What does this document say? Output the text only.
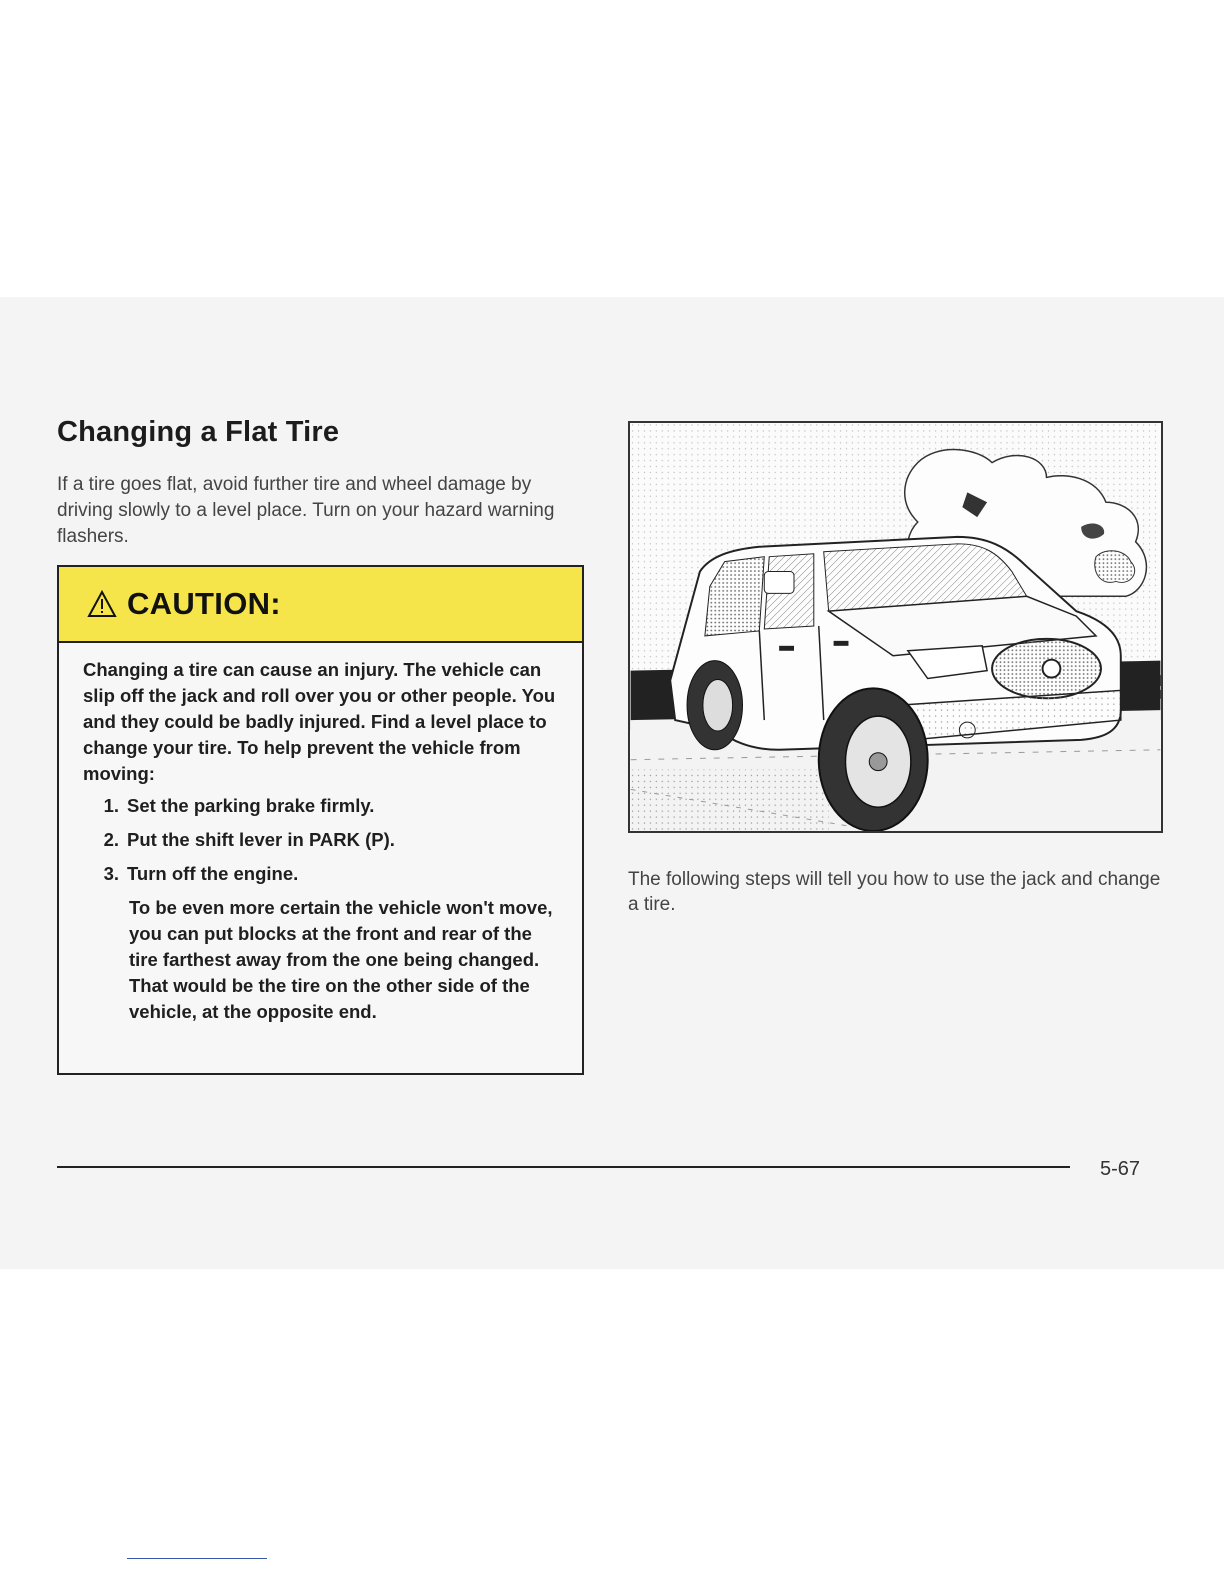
Changing a Flat Tire

If a tire goes flat, avoid further tire and wheel damage by driving slowly to a level place. Turn on your hazard warning flashers.

CAUTION:

Changing a tire can cause an injury. The vehicle can slip off the jack and roll over you or other people. You and they could be badly injured. Find a level place to change your tire. To help prevent the vehicle from moving:

1. Set the parking brake firmly.
2. Put the shift lever in PARK (P).
3. Turn off the engine.

To be even more certain the vehicle won't move, you can put blocks at the front and rear of the tire farthest away from the one being changed. That would be the tire on the other side of the vehicle, at the opposite end.

The following steps will tell you how to use the jack and change a tire.

5-67
